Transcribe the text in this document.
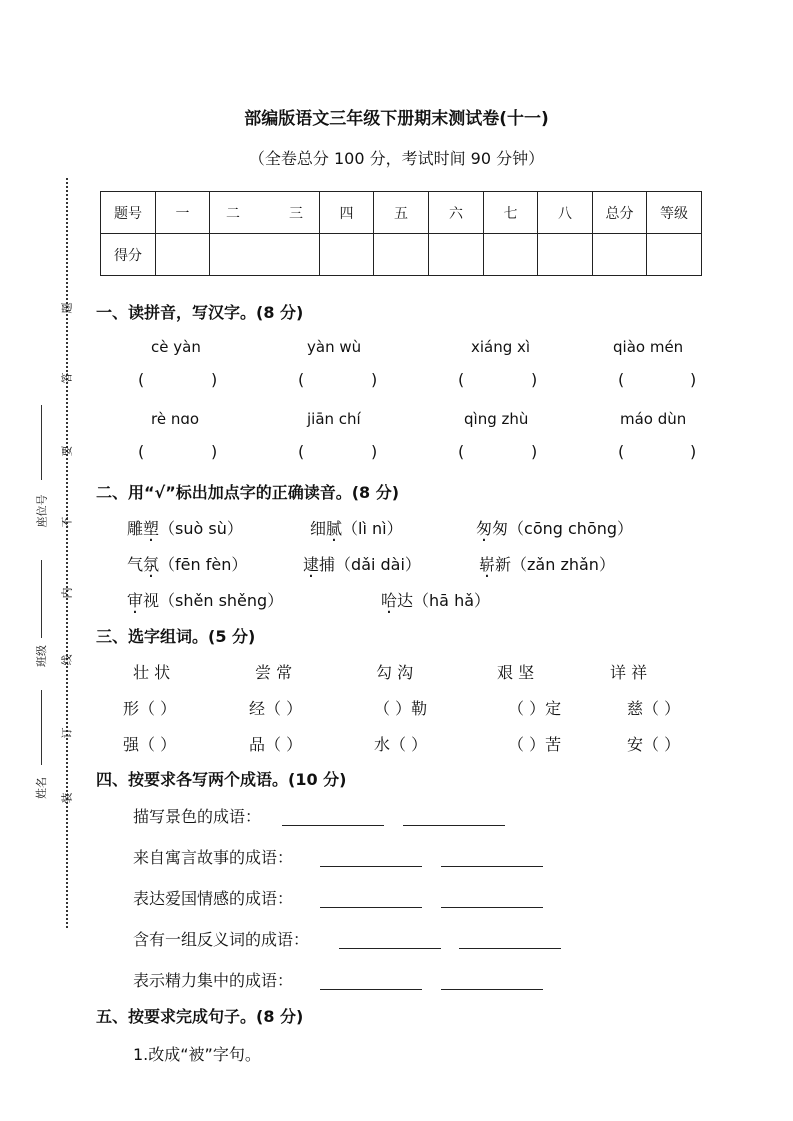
部编版语文三年级下册期末测试卷(十一)
（全卷总分 100 分，考试时间 90 分钟）
题
答
要
不
内
线
订
装
座位号
班级
姓名
题号	一	二 三	四	五	六	七	八	总分	等级
得分									
一、读拼音，写汉字。(8 分)
cè yàn	yàn wù	xiáng xì	qiào mén
(	)	(	)	(	)	(	)
rè nɑo	jiān chí	qìng zhù	máo dùn
(	)	(	)	(	)	(	)
二、用“√”标出加点字的正确读音。(8 分)
雕塑（suò sù）	细腻（lì nì）	匆匆（cōng chōng）
气氛（fēn fèn）	逮捕（dǎi dài）	崭新（zǎn zhǎn）
审视（shěn shěng）	哈达（hā hǎ）
三、选字组词。(5 分)
壮 状	尝 常	勾 沟	艰 坚	详 祥
形（ ）	经（ ）	（ ）勒	（ ）定	慈（ ）
强（ ）	品（ ）	水（ ）	（ ）苦	安（ ）
四、按要求各写两个成语。(10 分)
描写景色的成语：
来自寓言故事的成语：
表达爱国情感的成语：
含有一组反义词的成语：
表示精力集中的成语：
五、按要求完成句子。(8 分)
1.改成“被”字句。
